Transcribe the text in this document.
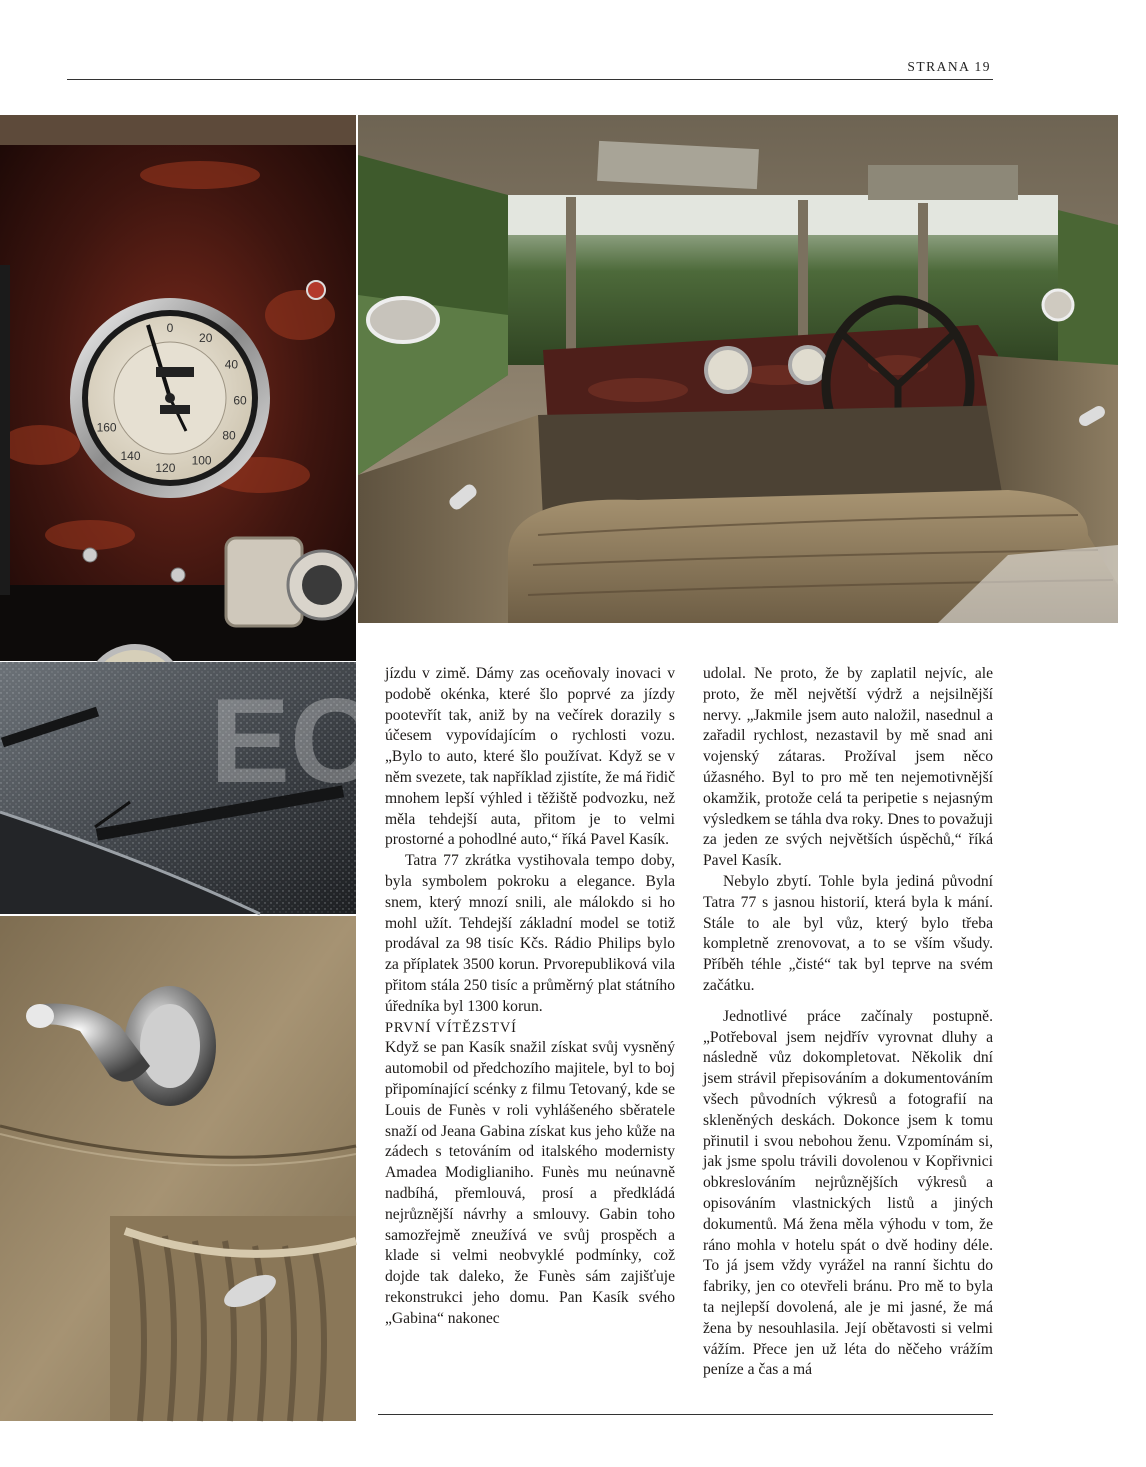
STRANA 19
0
20
40
60
80
100
120
140
160
EC

jízdu v zimě. Dámy zas oceňovaly inovaci v podobě okénka, které šlo poprvé za jízdy pootevřít tak, aniž by na večírek dorazily s účesem vypovídajícím o rychlosti vozu. „Bylo to auto, které šlo používat. Když se v něm svezete, tak například zjistíte, že má řidič mnohem lepší výhled i těžiště podvozku, než měla tehdejší auta, přitom je to velmi prostorné a pohodlné auto,“ říká Pavel Kasík.

Tatra 77 zkrátka vystihovala tempo doby, byla symbolem pokroku a elegance. Byla snem, který mnozí snili, ale málokdo si ho mohl užít. Tehdejší základní model se totiž prodával za 98 tisíc Kčs. Rádio Philips bylo za příplatek 3500 korun. Prvorepubliková vila přitom stála 250 tisíc a průměrný plat státního úředníka byl 1300 korun.

PRVNÍ VÍTĚZSTVÍ

Když se pan Kasík snažil získat svůj vysněný automobil od předchozího majitele, byl to boj připomínající scénky z filmu Tetovaný, kde se Louis de Funès v roli vyhlášeného sběratele snaží od Jeana Gabina získat kus jeho kůže na zádech s tetováním od italského modernisty Amadea Modiglianiho. Funès mu neúnavně nadbíhá, přemlouvá, prosí a předkládá nejrůznější návrhy a smlouvy. Gabin toho samozřejmě zneužívá ve svůj prospěch a klade si velmi neobvyklé podmínky, což dojde tak daleko, že Funès sám zajišťuje rekonstrukci jeho domu. Pan Kasík svého „Gabina“ nakonec

udolal. Ne proto, že by zaplatil nejvíc, ale proto, že měl největší výdrž a nejsilnější nervy. „Jakmile jsem auto naložil, nasednul a zařadil rychlost, nezastavil by mě snad ani vojenský zátaras. Prožíval jsem něco úžasného. Byl to pro mě ten nejemotivnější okamžik, protože celá ta peripetie s nejasným výsledkem se táhla dva roky. Dnes to považuji za jeden ze svých největších úspěchů,“ říká Pavel Kasík.

Nebylo zbytí. Tohle byla jediná původní Tatra 77 s jasnou historií, která byla k mání. Stále to ale byl vůz, který bylo třeba kompletně zrenovovat, a to se vším všudy. Příběh téhle „čisté“ tak byl teprve na svém začátku.

Jednotlivé práce začínaly postupně. „Potřeboval jsem nejdřív vyrovnat dluhy a následně vůz dokompletovat. Několik dní jsem strávil přepisováním a dokumentováním všech původních výkresů a fotografií na skleněných deskách. Dokonce jsem k tomu přinutil i svou nebohou ženu. Vzpomínám si, jak jsme spolu trávili dovolenou v Kopřivnici obkreslováním nejrůznějších výkresů a opisováním vlastnických listů a jiných dokumentů. Má žena měla výhodu v tom, že ráno mohla v hotelu spát o dvě hodiny déle. To já jsem vždy vyrážel na ranní šichtu do fabriky, jen co otevřeli bránu. Pro mě to byla ta nejlepší dovolená, ale je mi jasné, že má žena by nesouhlasila. Její obětavosti si velmi vážím. Přece jen už léta do něčeho vrážím peníze a čas a má
